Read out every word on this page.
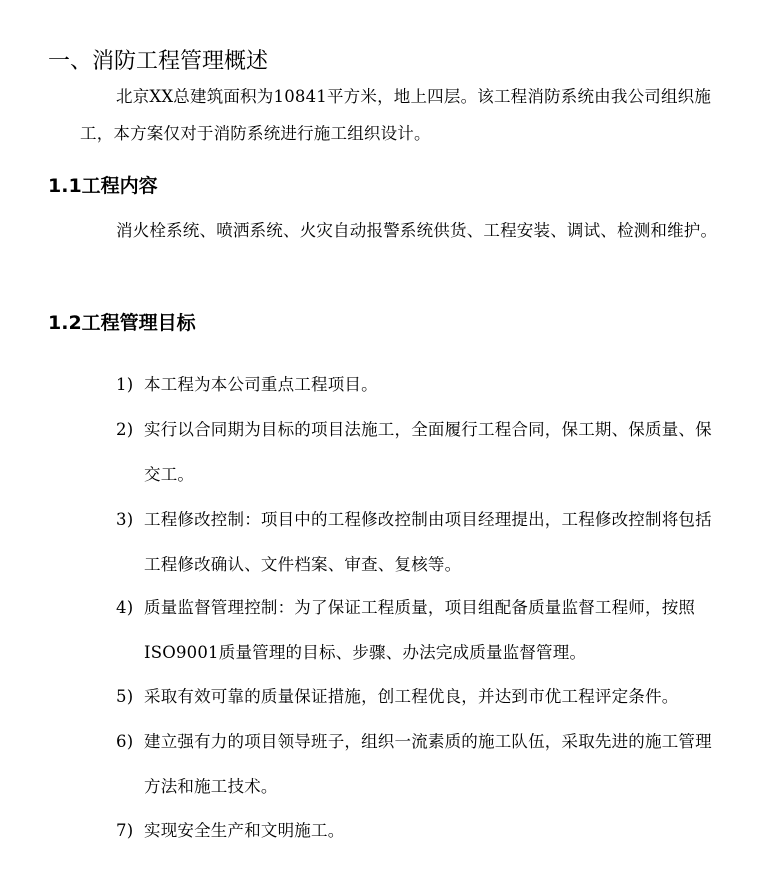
一、消防工程管理概述
北京XX总建筑面积为10841平方米，地上四层。该工程消防系统由我公司组织施工，本方案仅对于消防系统进行施工组织设计。
1.1工程内容
消火栓系统、喷洒系统、火灾自动报警系统供货、工程安装、调试、检测和维护。
1.2工程管理目标
1) 本工程为本公司重点工程项目。
2) 实行以合同期为目标的项目法施工，全面履行工程合同，保工期、保质量、保交工。
3) 工程修改控制：项目中的工程修改控制由项目经理提出，工程修改控制将包括工程修改确认、文件档案、审查、复核等。
4) 质量监督管理控制：为了保证工程质量，项目组配备质量监督工程师，按照ISO9001质量管理的目标、步骤、办法完成质量监督管理。
5) 采取有效可靠的质量保证措施，创工程优良，并达到市优工程评定条件。
6) 建立强有力的项目领导班子，组织一流素质的施工队伍，采取先进的施工管理方法和施工技术。
7) 实现安全生产和文明施工。
